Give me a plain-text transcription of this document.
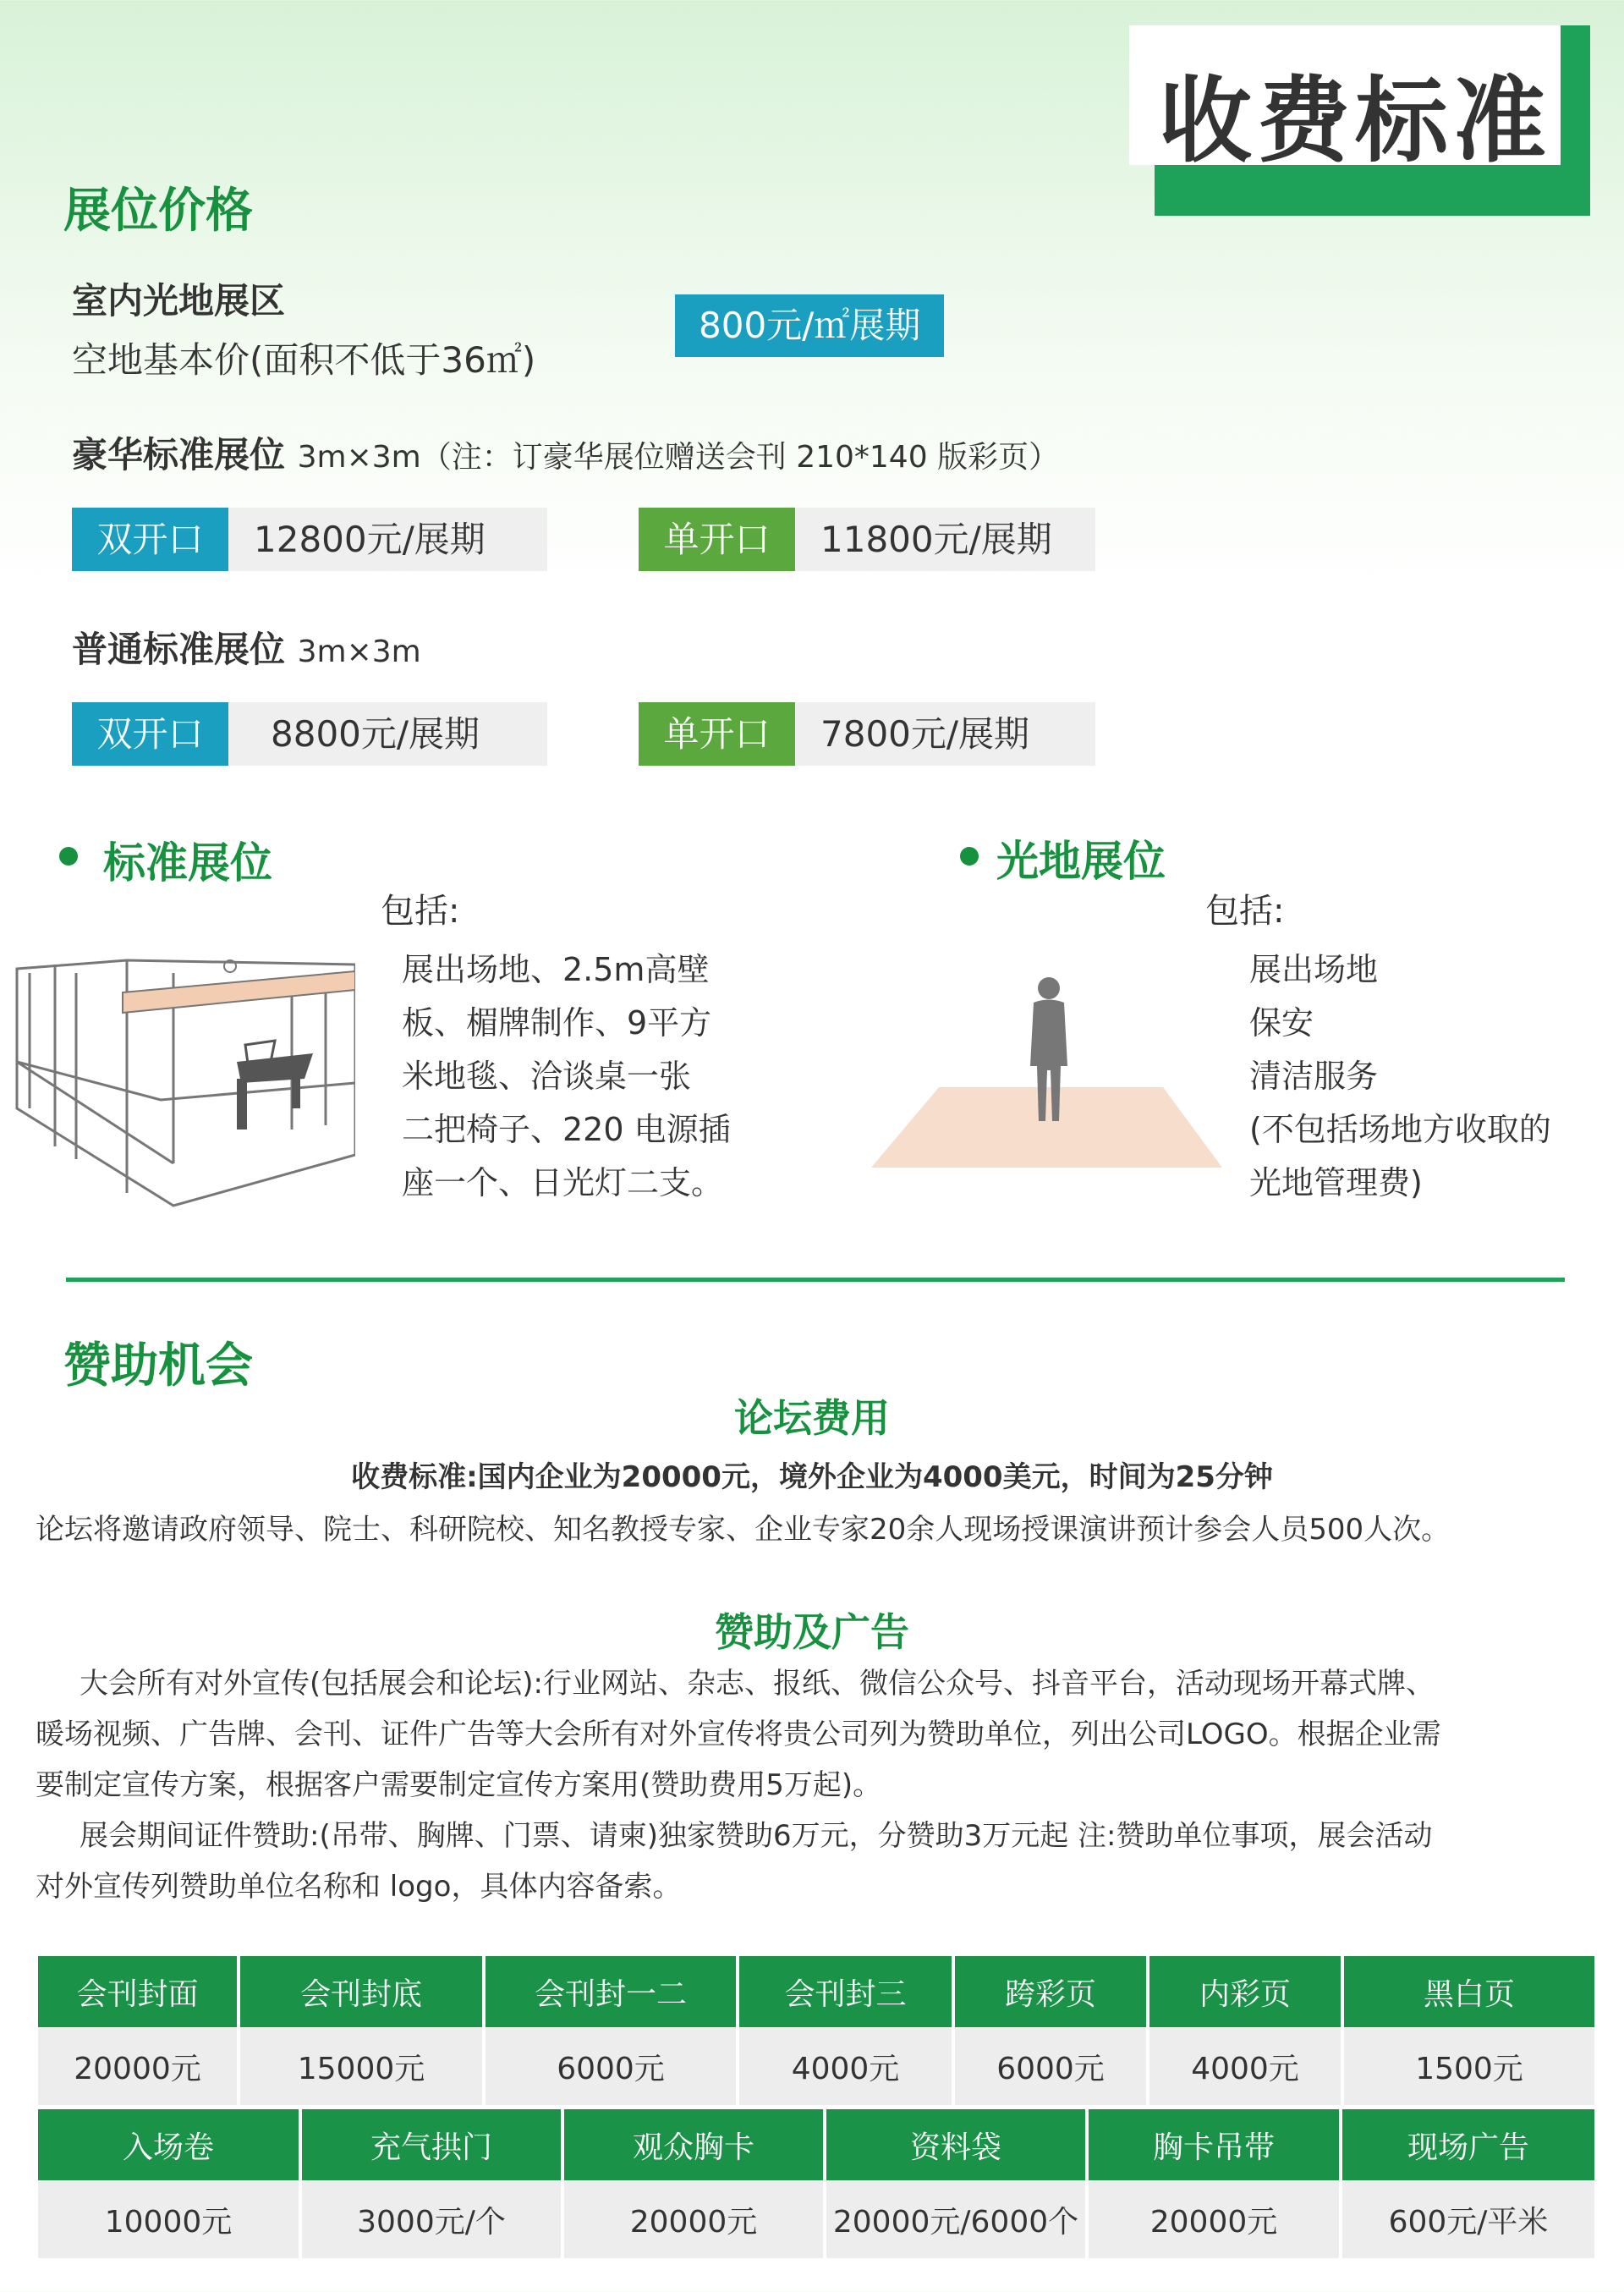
收费标准
展位价格
室内光地展区
空地基本价(面积不低于36㎡)
800元/㎡展期
豪华标准展位 3m×3m（注：订豪华展位赠送会刊 210*140 版彩页）
双开口	12800元/展期	单开口	11800元/展期
普通标准展位 3m×3m
双开口	8800元/展期	单开口	7800元/展期
标准展位
包括:
展出场地、2.5m高壁
板、楣牌制作、9平方
米地毯、洽谈桌一张
二把椅子、220 电源插
座一个、日光灯二支。
光地展位
包括:
展出场地
保安
清洁服务
(不包括场地方收取的
光地管理费)
赞助机会
论坛费用
收费标准:国内企业为20000元，境外企业为4000美元，时间为25分钟
论坛将邀请政府领导、院士、科研院校、知名教授专家、企业专家20余人现场授课演讲预计参会人员500人次。
赞助及广告
大会所有对外宣传(包括展会和论坛):行业网站、杂志、报纸、微信公众号、抖音平台，活动现场开幕式牌、
暖场视频、广告牌、会刊、证件广告等大会所有对外宣传将贵公司列为赞助单位，列出公司LOGO。根据企业需
要制定宣传方案，根据客户需要制定宣传方案用(赞助费用5万起)。
展会期间证件赞助:(吊带、胸牌、门票、请柬)独家赞助6万元，分赞助3万元起 注:赞助单位事项，展会活动
对外宣传列赞助单位名称和 logo，具体内容备索。
会刊封面	会刊封底	会刊封一二	会刊封三	跨彩页	内彩页	黑白页
20000元	15000元	6000元	4000元	6000元	4000元	1500元
入场卷	充气拱门	观众胸卡	资料袋	胸卡吊带	现场广告
10000元	3000元/个	20000元	20000元/6000个	20000元	600元/平米
